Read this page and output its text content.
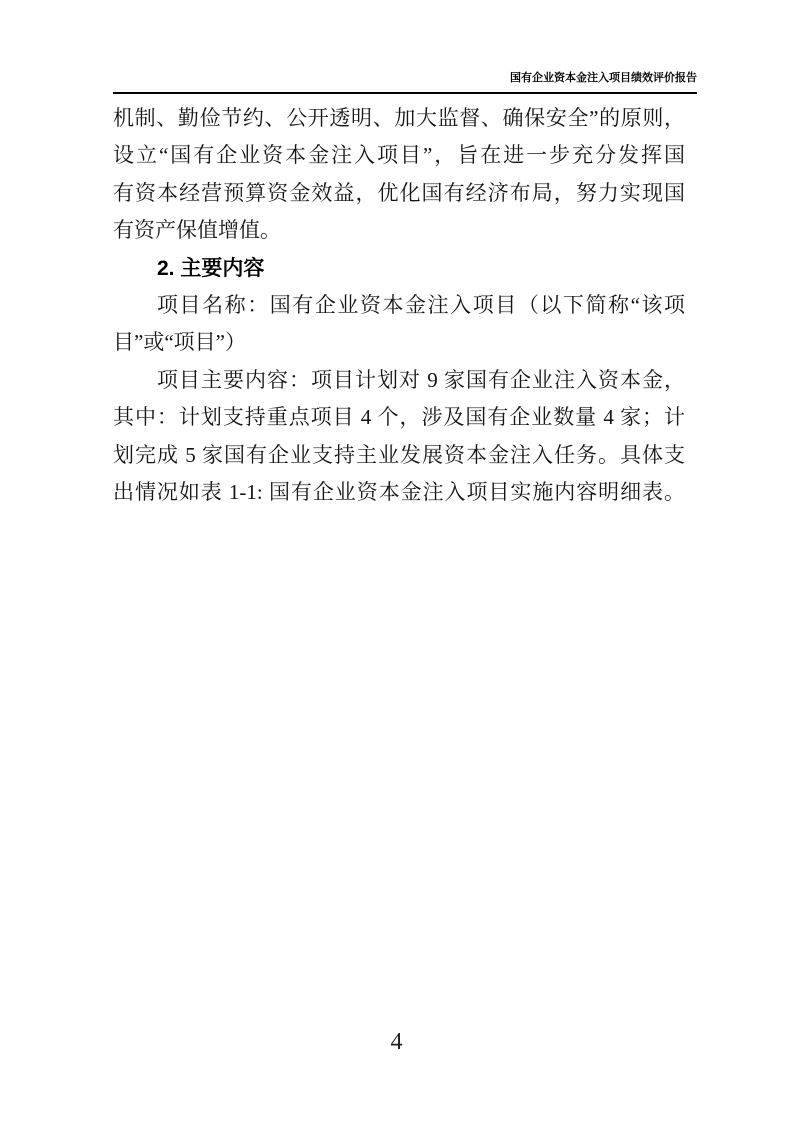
国有企业资本金注入项目绩效评价报告
机制、勤俭节约、公开透明、加大监督、确保安全”的原则，
设立“国有企业资本金注入项目”，旨在进一步充分发挥国
有资本经营预算资金效益，优化国有经济布局，努力实现国
有资产保值增值。
2. 主要内容
项目名称：国有企业资本金注入项目（以下简称“该项
目”或“项目”）
项目主要内容：项目计划对 9 家国有企业注入资本金，
其中：计划支持重点项目 4 个，涉及国有企业数量 4 家；计
划完成 5 家国有企业支持主业发展资本金注入任务。具体支
出情况如表 1-1: 国有企业资本金注入项目实施内容明细表。
4
